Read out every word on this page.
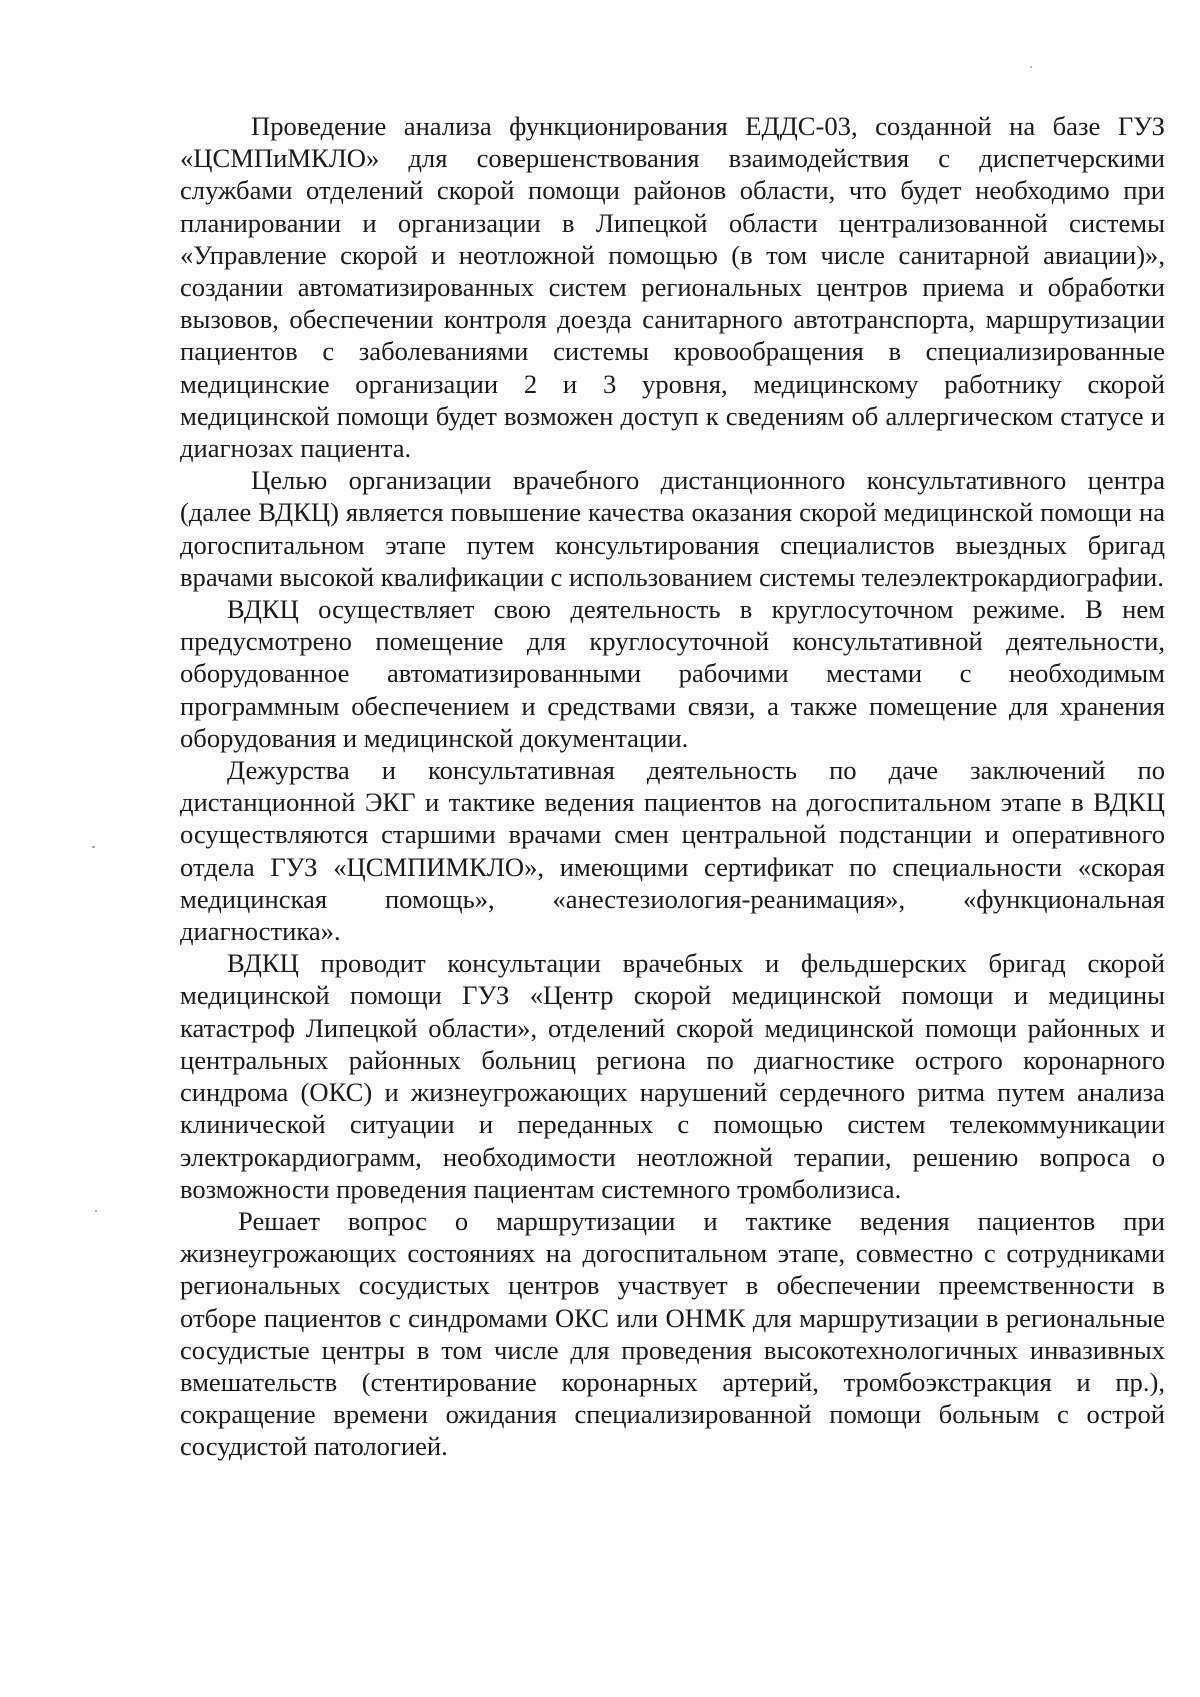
Проведение анализа функционирования ЕДДС-03, созданной на базе ГУЗ «ЦСМПиМКЛО» для совершенствования взаимодействия с диспетчерскими службами отделений скорой помощи районов области, что будет необходимо при планировании и организации в Липецкой области централизованной системы «Управление скорой и неотложной помощью (в том числе санитарной авиации)», создании автоматизированных систем региональных центров приема и обработки вызовов, обеспечении контроля доезда санитарного автотранспорта, маршрутизации пациентов с заболеваниями системы кровообращения в специализированные медицинские организации 2 и 3 уровня, медицинскому работнику скорой медицинской помощи будет возможен доступ к сведениям об аллергическом статусе и диагнозах пациента.

Целью организации врачебного дистанционного консультативного центра (далее ВДКЦ) является повышение качества оказания скорой медицинской помощи на догоспитальном этапе путем консультирования специалистов выездных бригад врачами высокой квалификации с использованием системы телеэлектрокардиографии.

ВДКЦ осуществляет свою деятельность в круглосуточном режиме. В нем предусмотрено помещение для круглосуточной консультативной деятельности, оборудованное автоматизированными рабочими местами с необходимым программным обеспечением и средствами связи, а также помещение для хранения оборудования и медицинской документации.

Дежурства и консультативная деятельность по даче заключений по дистанционной ЭКГ и тактике ведения пациентов на догоспитальном этапе в ВДКЦ осуществляются старшими врачами смен центральной подстанции и оперативного отдела ГУЗ «ЦСМПИМКЛО», имеющими сертификат по специальности «скорая медицинская помощь», «анестезиология-реанимация», «функциональная диагностика».

ВДКЦ проводит консультации врачебных и фельдшерских бригад скорой медицинской помощи ГУЗ «Центр скорой медицинской помощи и медицины катастроф Липецкой области», отделений скорой медицинской помощи районных и центральных районных больниц региона по диагностике острого коронарного синдрома (ОКС) и жизнеугрожающих нарушений сердечного ритма путем анализа клинической ситуации и переданных с помощью систем телекоммуникации электрокардиограмм, необходимости неотложной терапии, решению вопроса о возможности проведения пациентам системного тромболизиса.

Решает вопрос о маршрутизации и тактике ведения пациентов при жизнеугрожающих состояниях на догоспитальном этапе, совместно с сотрудниками региональных сосудистых центров участвует в обеспечении преемственности в отборе пациентов с синдромами ОКС или ОНМК для маршрутизации в региональные сосудистые центры в том числе для проведения высокотехнологичных инвазивных вмешательств (стентирование коронарных артерий, тромбоэкстракция и пр.), сокращение времени ожидания специализированной помощи больным с острой сосудистой патологией.
